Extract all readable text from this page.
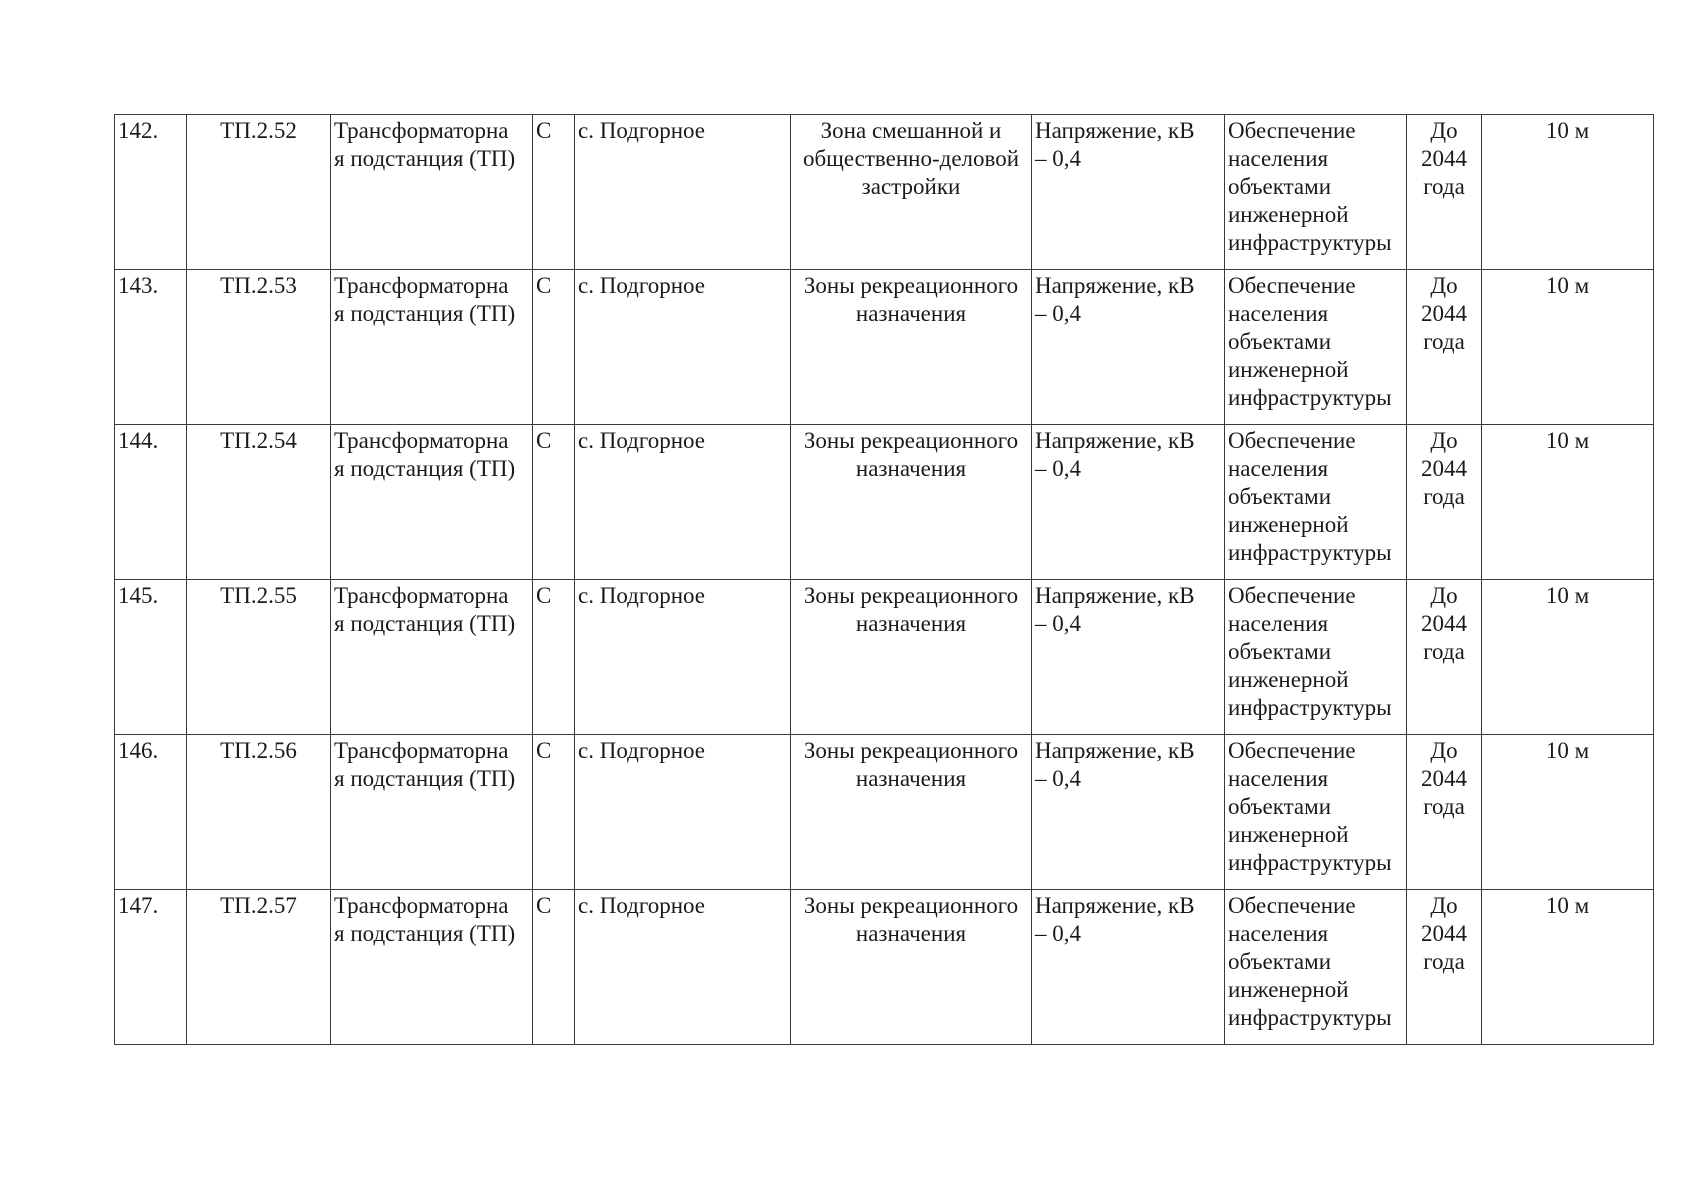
142.	ТП.2.52	Трансформаторна
я подстанция (ТП)	С	с. Подгорное	Зона смешанной и
общественно-деловой
застройки	Напряжение, кВ
– 0,4	Обеспечение
населения
объектами
инженерной
инфраструктуры	До
2044
года	10 м
143.	ТП.2.53	Трансформаторна
я подстанция (ТП)	С	с. Подгорное	Зоны рекреационного
назначения	Напряжение, кВ
– 0,4	Обеспечение
населения
объектами
инженерной
инфраструктуры	До
2044
года	10 м
144.	ТП.2.54	Трансформаторна
я подстанция (ТП)	С	с. Подгорное	Зоны рекреационного
назначения	Напряжение, кВ
– 0,4	Обеспечение
населения
объектами
инженерной
инфраструктуры	До
2044
года	10 м
145.	ТП.2.55	Трансформаторна
я подстанция (ТП)	С	с. Подгорное	Зоны рекреационного
назначения	Напряжение, кВ
– 0,4	Обеспечение
населения
объектами
инженерной
инфраструктуры	До
2044
года	10 м
146.	ТП.2.56	Трансформаторна
я подстанция (ТП)	С	с. Подгорное	Зоны рекреационного
назначения	Напряжение, кВ
– 0,4	Обеспечение
населения
объектами
инженерной
инфраструктуры	До
2044
года	10 м
147.	ТП.2.57	Трансформаторна
я подстанция (ТП)	С	с. Подгорное	Зоны рекреационного
назначения	Напряжение, кВ
– 0,4	Обеспечение
населения
объектами
инженерной
инфраструктуры	До
2044
года	10 м
